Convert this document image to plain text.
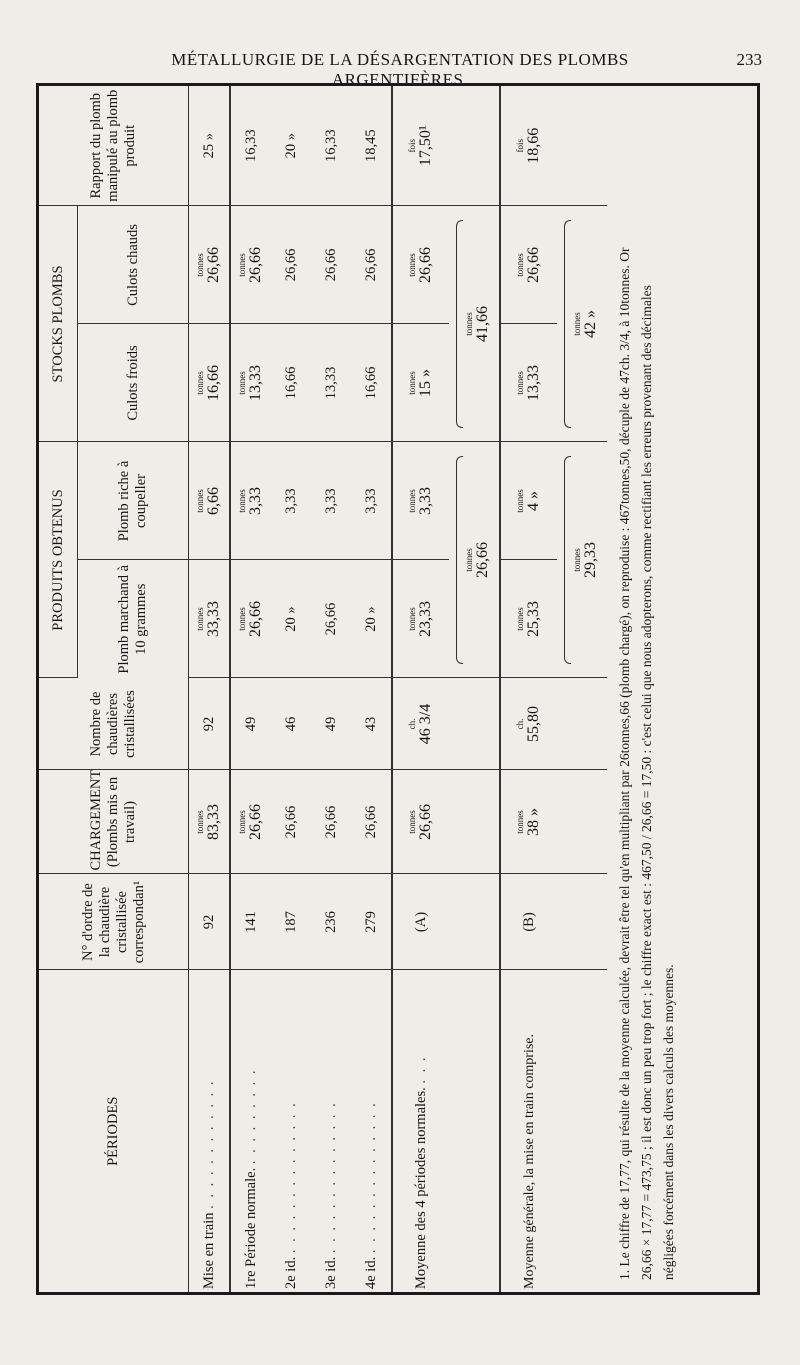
MÉTALLURGIE DE LA DÉSARGENTATION DES PLOMBS ARGENTIFÈRES.
233
PÉRIODES	N° d'ordre de la chaudière cristallisée correspondan¹	CHARGEMENT (Plombs mis en travail)	Nombre de chaudières cristallisées	PRODUITS OBTENUS		STOCKS PLOMBS		Rapport du plomb manipulé au plomb produit
				Plomb marchand à 10 grammes	Plomb riche à coupeller	Culots froids	Culots chauds	
Mise en train . . . . . . . . . . . .	92	tonnes 83,33	92	tonnes 33,33	tonnes 6,66	tonnes 16,66	tonnes 26,66	25 »
1re Période normale. . . . . . . . . .	141	tonnes 26,66	49	tonnes 26,66	tonnes 3,33	tonnes 13,33	tonnes 26,66	16,33
2e id. . . . . . . . . . . . . . .	187	26,66	46	20 »	3,33	16,66	26,66	20 »
3e id. . . . . . . . . . . . . . .	236	26,66	49	26,66	3,33	13,33	26,66	16,33
4e id. . . . . . . . . . . . . . .	279	26,66	43	20 »	3,33	16,66	26,66	18,45
Moyenne des 4 périodes normales. . . .	(A)	tonnes 26,66	ch. 46 3/4	tonnes 23,33	tonnes 3,33	tonnes 15 »	tonnes 26,66	fois 17,50¹

				tonnes 26,66		tonnes 41,66		

Moyenne générale, la mise en train comprise.	(B)	tonnes 38 »	ch. 55,80	tonnes 25,33	tonnes 4 »	tonnes 13,33	tonnes 26,66	fois 18,66

				tonnes 29,33		tonnes 42 »		
	1. Le chiffre de 17,77, qui résulte de la moyenne calculée, devrait être tel qu'en multipliant par 26tonnes,66 (plomb chargé), on reproduise : 467tonnes,50, décuple de 47ch. 3/4, à 10tonnes. Or 26,66 × 17,77 = 473,75 ; il est donc un peu trop fort ; le chiffre exact est : 467,50 / 26,66 = 17,50 : c'est celui que nous adopterons, comme rectifiant les erreurs provenant des décimales négligées forcément dans les divers calculs des moyennes.
